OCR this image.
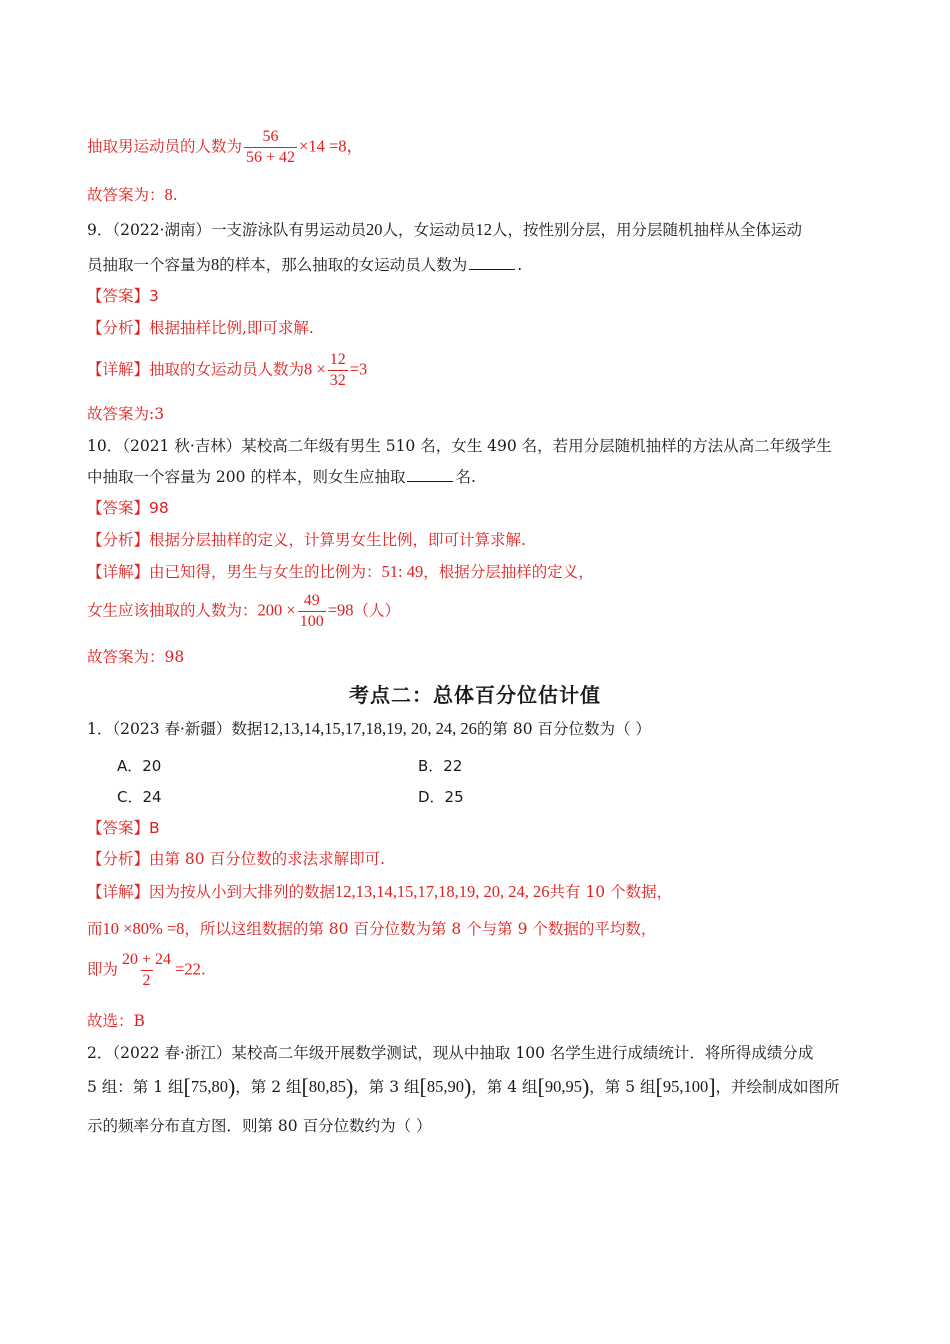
抽取男运动员的人数为 $\frac{56}{56 + 42} \times 14 =8$，
故答案为：8.
9．（2022·湖南）一支游泳队有男运动员20人，女运动员12人，按性别分层，用分层随机抽样从全体运动
员抽取一个容量为8的样本，那么抽取的女运动员人数为	.
【答案】3
【分析】根据抽样比例,即可求解.
【详解】抽取的女运动员人数为$8 \times \frac{12}{32} =3$
故答案为:3
10．（2021 秋·吉林）某校高二年级有男生 510 名，女生 490 名，若用分层随机抽样的方法从高二年级学生
中抽取一个容量为 200 的样本，则女生应抽取	名.
【答案】98
【分析】根据分层抽样的定义，计算男女生比例，即可计算求解.
【详解】由已知得，男生与女生的比例为：51: 49，根据分层抽样的定义，
女生应该抽取的人数为：$200 \times \frac{49}{100} =98$（人）
故答案为：98
考点二：总体百分位估计值
1．（2023 春·新疆）数据12,13,14,15,17,18,19, 20, 24, 26的第 80 百分位数为（ ）
A．20	B．22
C．24	D．25
【答案】B
【分析】由第 80 百分位数的求法求解即可.
【详解】因为按从小到大排列的数据12,13,14,15,17,18,19, 20, 24, 26共有 10 个数据，
而10 ×80% =8，所以这组数据的第 80 百分位数为第 8 个与第 9 个数据的平均数，
即为 $\frac{20 + 24}{2} =22$.
故选：B
2．（2022 春·浙江）某校高二年级开展数学测试，现从中抽取 100 名学生进行成绩统计．将所得成绩分成
5 组：第 1 组[75,80)，第 2 组[80,85)，第 3 组[85,90)，第 4 组[90,95)，第 5 组[95,100]，并绘制成如图所
示的频率分布直方图．则第 80 百分位数约为（ ）
